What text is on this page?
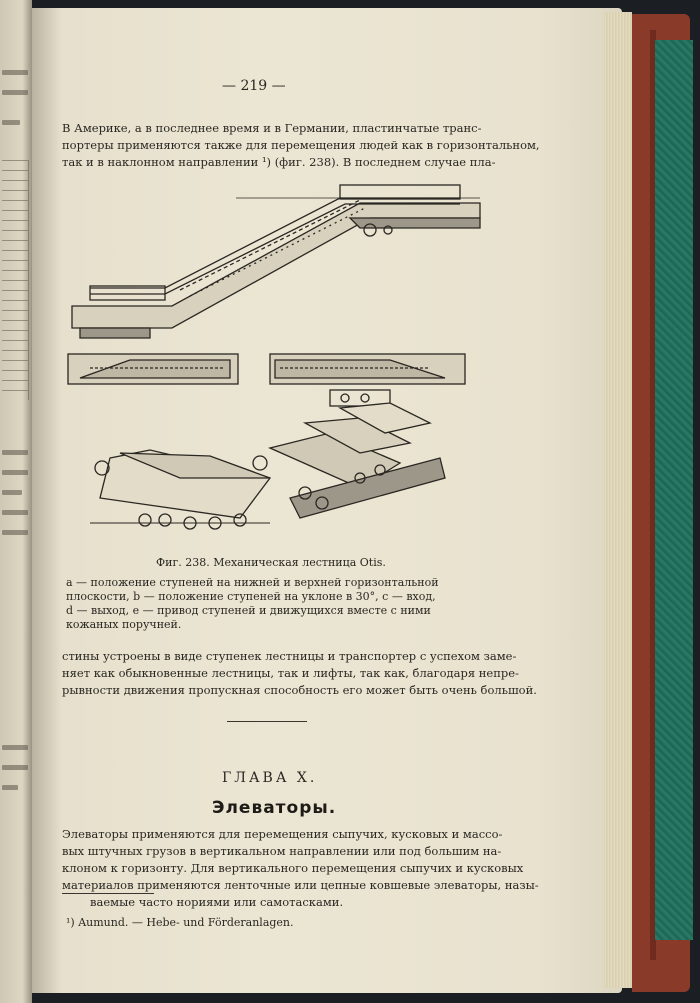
— 219 —
В Америке, а в последнее время и в Германии, пластинчатые транс-
портеры применяются также для перемещения людей как в горизонтальном,
так и в наклонном направлении ¹) (фиг. 238). В последнем случае пла-
Фиг. 238. Механическая лестница Otis.
a — положение ступеней на нижней и верхней горизонтальной
плоскости, b — положение ступеней на уклоне в 30°, c — вход,
d — выход, e — привод ступеней и движущихся вместе с ними
кожаных поручней.
стины устроены в виде ступенек лестницы и транспортер с успехом заме-
няет как обыкновенные лестницы, так и лифты, так как, благодаря непре-
рывности движения пропускная способность его может быть очень большой.
ГЛАВА X.
Элеваторы.
Элеваторы применяются для перемещения сыпучих, кусковых и массо-
вых штучных грузов в вертикальном направлении или под большим на-
клоном к горизонту. Для вертикального перемещения сыпучих и кусковых
материалов применяются ленточные или цепные ковшевые элеваторы, назы-
ваемые часто нориями или самотасками.
¹) Aumund. — Hebe- und Förderanlagen.
